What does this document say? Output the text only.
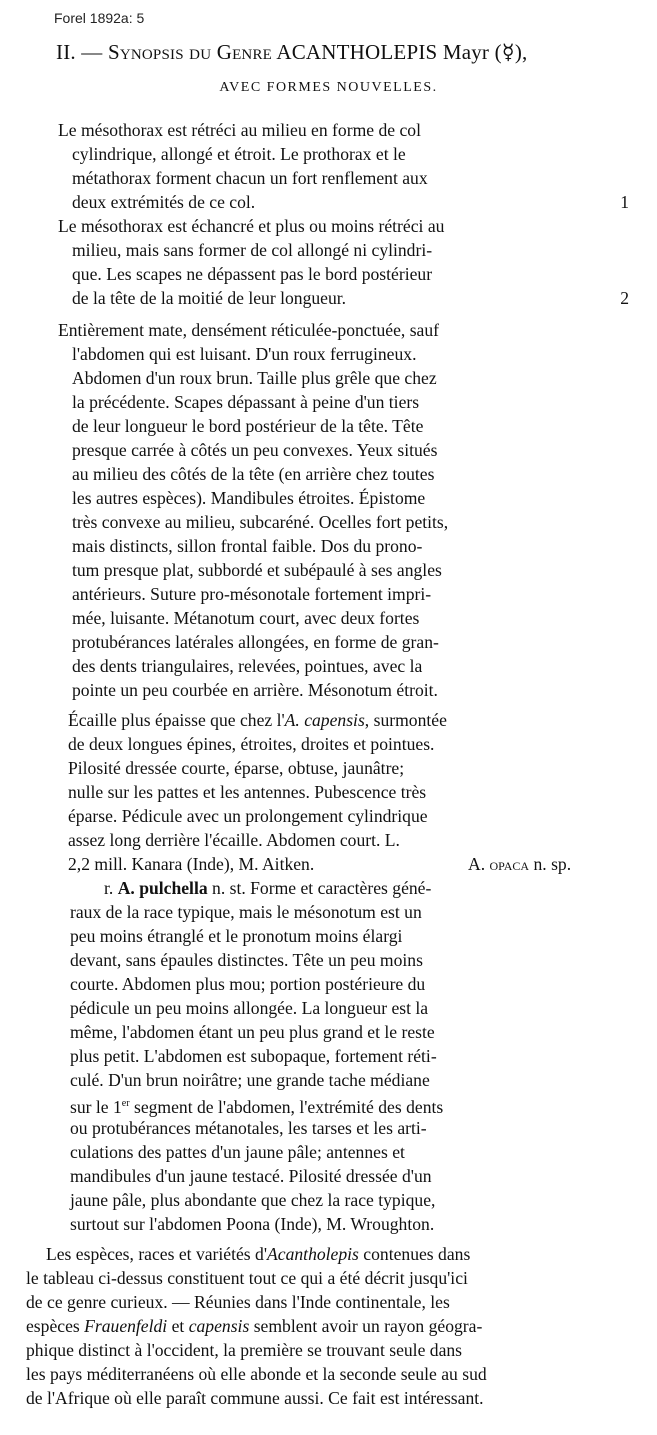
Forel 1892a: 5
II. — Synopsis du Genre ACANTHOLEPIS Mayr (☿),
AVEC FORMES NOUVELLES.
Le mésothorax est rétréci au milieu en forme de col
cylindrique, allongé et étroit. Le prothorax et le
métathorax forment chacun un fort renflement aux
deux extrémités de ce col.	1
Le mésothorax est échancré et plus ou moins rétréci au
milieu, mais sans former de col allongé ni cylindri-
que. Les scapes ne dépassent pas le bord postérieur
de la tête de la moitié de leur longueur.	2
Entièrement mate, densément réticulée-ponctuée, sauf
l'abdomen qui est luisant. D'un roux ferrugineux.
Abdomen d'un roux brun. Taille plus grêle que chez
la précédente. Scapes dépassant à peine d'un tiers
de leur longueur le bord postérieur de la tête. Tête
presque carrée à côtés un peu convexes. Yeux situés
au milieu des côtés de la tête (en arrière chez toutes
les autres espèces). Mandibules étroites. Épistome
très convexe au milieu, subcaréné. Ocelles fort petits,
mais distincts, sillon frontal faible. Dos du prono-
tum presque plat, subbordé et subépaulé à ses angles
antérieurs. Suture pro-mésonotale fortement impri-
mée, luisante. Métanotum court, avec deux fortes
protubérances latérales allongées, en forme de gran-
des dents triangulaires, relevées, pointues, avec la
pointe un peu courbée en arrière. Mésonotum étroit.
Écaille plus épaisse que chez l'A. capensis, surmontée
de deux longues épines, étroites, droites et pointues.
Pilosité dressée courte, éparse, obtuse, jaunâtre;
nulle sur les pattes et les antennes. Pubescence très
éparse. Pédicule avec un prolongement cylindrique
assez long derrière l'écaille. Abdomen court. L.
2,2 mill. Kanara (Inde), M. Aitken.	A. opaca n. sp.
r. A. pulchella n. st. Forme et caractères géné-
raux de la race typique, mais le mésonotum est un
peu moins étranglé et le pronotum moins élargi
devant, sans épaules distinctes. Tête un peu moins
courte. Abdomen plus mou; portion postérieure du
pédicule un peu moins allongée. La longueur est la
même, l'abdomen étant un peu plus grand et le reste
plus petit. L'abdomen est subopaque, fortement réti-
culé. D'un brun noirâtre; une grande tache médiane
sur le 1er segment de l'abdomen, l'extrémité des dents
ou protubérances métanotales, les tarses et les arti-
culations des pattes d'un jaune pâle; antennes et
mandibules d'un jaune testacé. Pilosité dressée d'un
jaune pâle, plus abondante que chez la race typique,
surtout sur l'abdomen Poona (Inde), M. Wroughton.
Les espèces, races et variétés d'Acantholepis contenues dans
le tableau ci-dessus constituent tout ce qui a été décrit jusqu'ici
de ce genre curieux. — Réunies dans l'Inde continentale, les
espèces Frauenfeldi et capensis semblent avoir un rayon géogra-
phique distinct à l'occident, la première se trouvant seule dans
les pays méditerranéens où elle abonde et la seconde seule au sud
de l'Afrique où elle paraît commune aussi. Ce fait est intéressant.
